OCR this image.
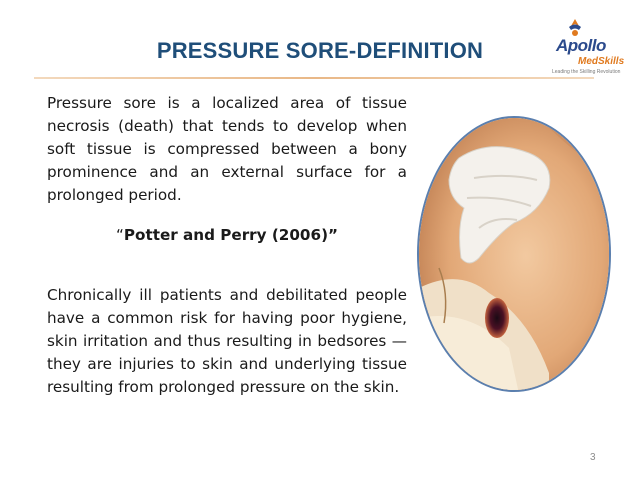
Apollo
MedSkills
Leading the Skilling Revolution
PRESSURE SORE-DEFINITION
Pressure sore is a localized area of tissue necrosis (death) that tends to develop when soft tissue is compressed between a bony prominence and an external surface for a prolonged period.
“Potter and Perry (2006)”
Chronically ill patients and debilitated people have a common risk for having poor hygiene, skin irritation and thus resulting in bedsores —they are injuries to skin and underlying tissue resulting from prolonged pressure on the skin.
3
